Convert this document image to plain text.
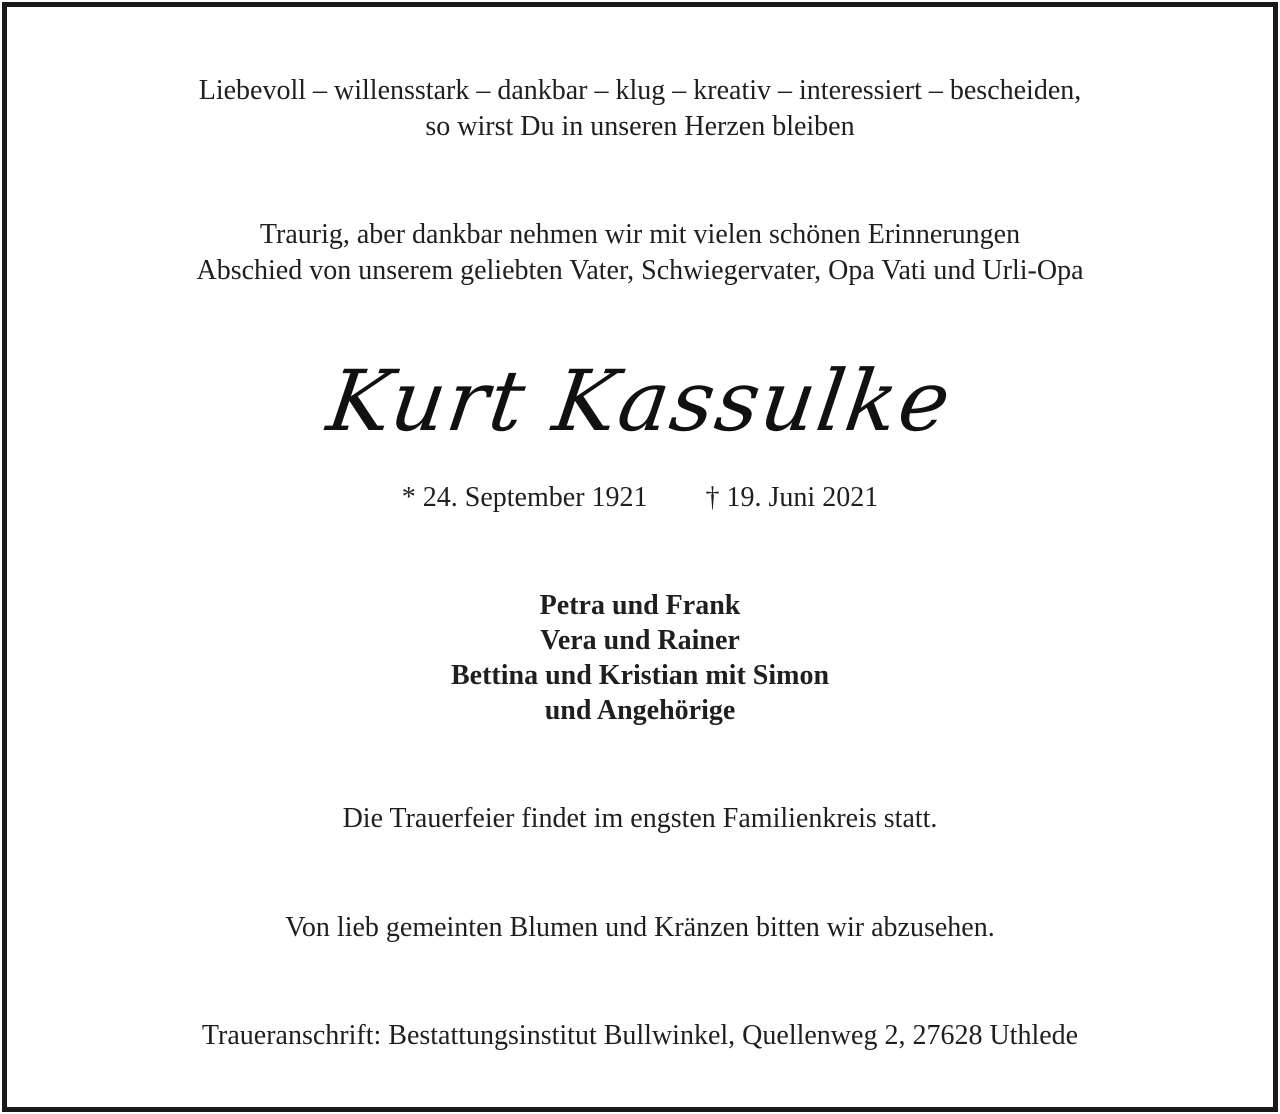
Liebevoll – willensstark – dankbar – klug – kreativ – interessiert – bescheiden,
so wirst Du in unseren Herzen bleiben
Traurig, aber dankbar nehmen wir mit vielen schönen Erinnerungen
Abschied von unserem geliebten Vater, Schwiegervater, Opa Vati und Urli-Opa
Kurt Kassulke
* 24. September 1921 † 19. Juni 2021
Petra und Frank
Vera und Rainer
Bettina und Kristian mit Simon
und Angehörige
Die Trauerfeier findet im engsten Familienkreis statt.
Von lieb gemeinten Blumen und Kränzen bitten wir abzusehen.
Traueranschrift: Bestattungsinstitut Bullwinkel, Quellenweg 2, 27628 Uthlede
